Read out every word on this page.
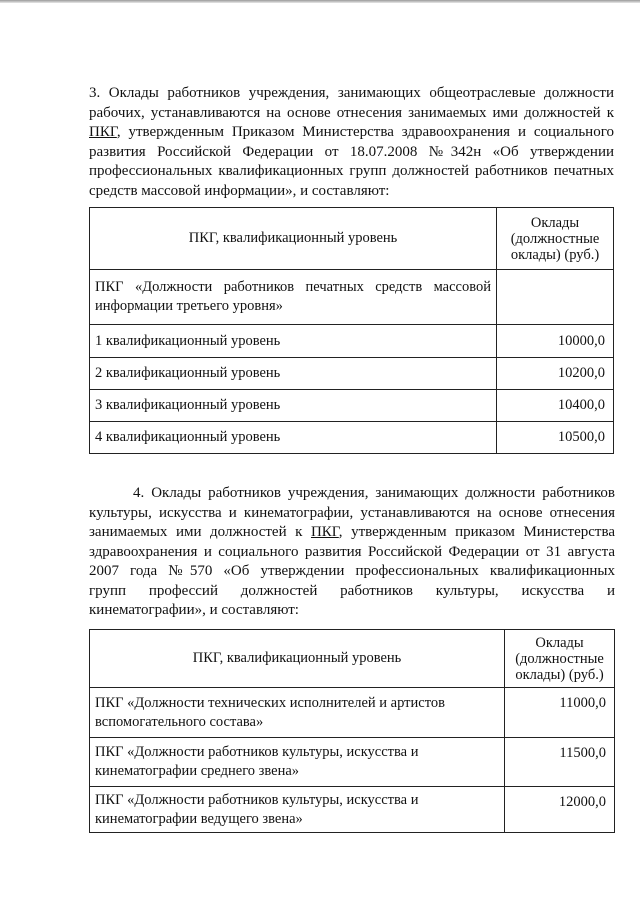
3. Оклады работников учреждения, занимающих общеотраслевые должности
рабочих, устанавливаются на основе отнесения занимаемых ими должностей к
ПКГ, утвержденным Приказом Министерства здравоохранения и социального
развития Российской Федерации от 18.07.2008 №342н «Об утверждении
профессиональных квалификационных групп должностей работников печатных
средств массовой информации», и составляют:
ПКГ, квалификационный уровень	Оклады (должностные оклады) (руб.)
ПКГ «Должности работников печатных средств массовой информации третьего уровня»	
1 квалификационный уровень	10000,0
2 квалификационный уровень	10200,0
3 квалификационный уровень	10400,0
4 квалификационный уровень	10500,0
4. Оклады работников учреждения, занимающих должности работников
культуры, искусства и кинематографии, устанавливаются на основе отнесения
занимаемых ими должностей к ПКГ, утвержденным приказом Министерства
здравоохранения и социального развития Российской Федерации от 31 августа
2007 года №570 «Об утверждении профессиональных квалификационных
групп профессий должностей работников культуры, искусства и
кинематографии», и составляют:
ПКГ, квалификационный уровень	Оклады (должностные оклады) (руб.)
ПКГ «Должности технических исполнителей и артистов вспомогательного состава»	11000,0
ПКГ «Должности работников культуры, искусства и кинематографии среднего звена»	11500,0
ПКГ «Должности работников культуры, искусства и кинематографии ведущего звена»	12000,0
